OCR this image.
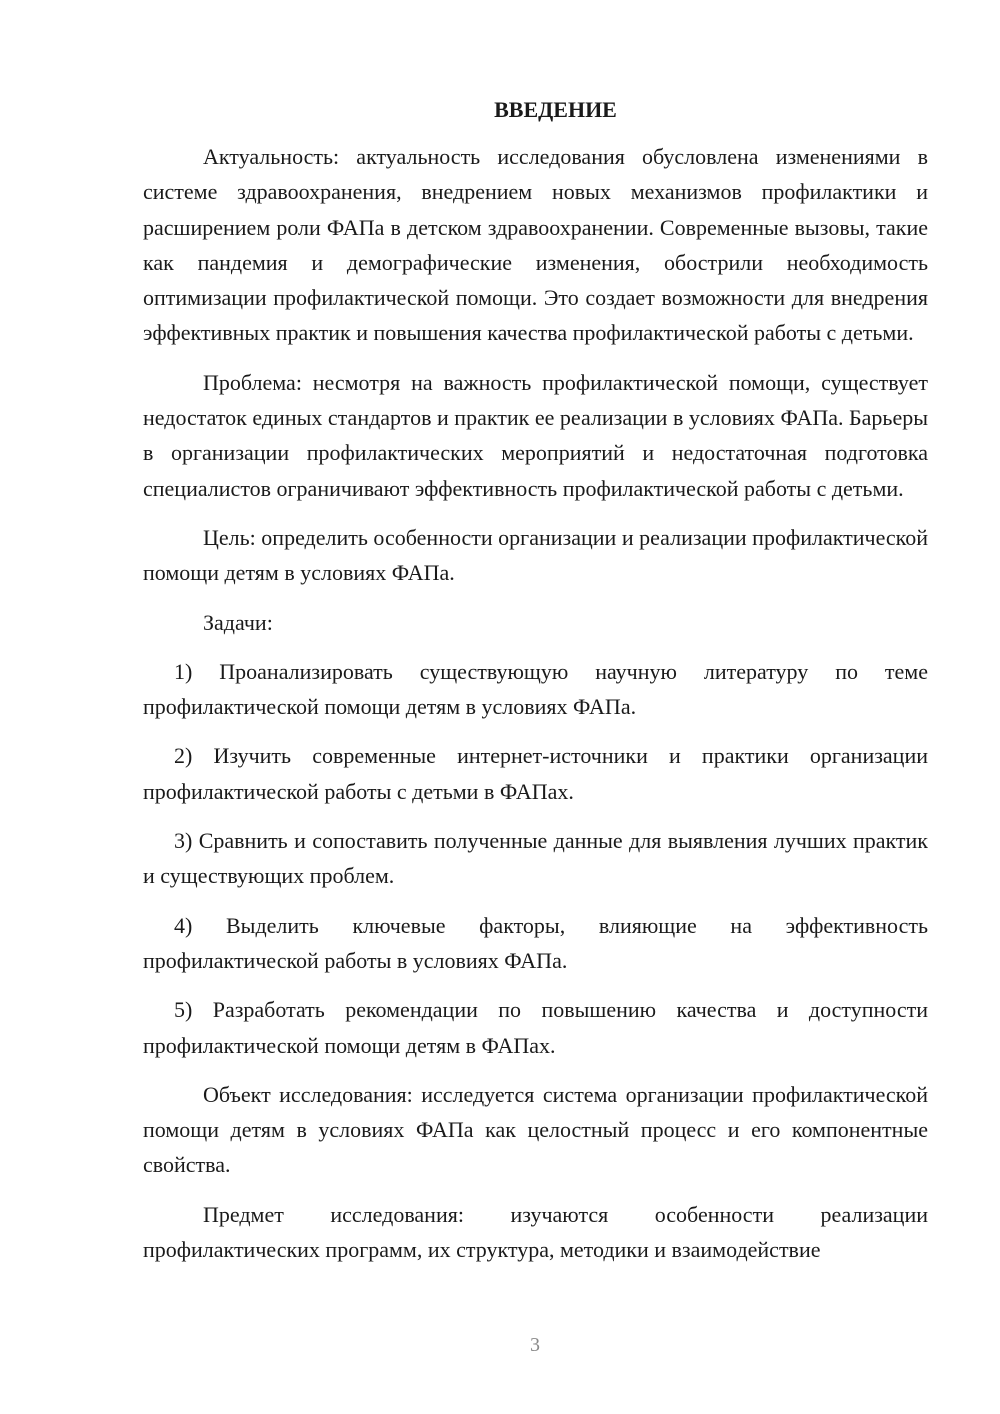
ВВЕДЕНИЕ

Актуальность: актуальность исследования обусловлена изменениями в системе здравоохранения, внедрением новых механизмов профилактики и расширением роли ФАПа в детском здравоохранении. Современные вызовы, такие как пандемия и демографические изменения, обострили необходимость оптимизации профилактической помощи. Это создает возможности для внедрения эффективных практик и повышения качества профилактической работы с детьми.

Проблема: несмотря на важность профилактической помощи, существует недостаток единых стандартов и практик ее реализации в условиях ФАПа. Барьеры в организации профилактических мероприятий и недостаточная подготовка специалистов ограничивают эффективность профилактической работы с детьми.

Цель: определить особенности организации и реализации профилактической помощи детям в условиях ФАПа.

Задачи:

1) Проанализировать существующую научную литературу по теме профилактической помощи детям в условиях ФАПа.

2) Изучить современные интернет-источники и практики организации профилактической работы с детьми в ФАПах.

3) Сравнить и сопоставить полученные данные для выявления лучших практик и существующих проблем.

4) Выделить ключевые факторы, влияющие на эффективность профилактической работы в условиях ФАПа.

5) Разработать рекомендации по повышению качества и доступности профилактической помощи детям в ФАПах.

Объект исследования: исследуется система организации профилактической помощи детям в условиях ФАПа как целостный процесс и его компонентные свойства.

Предмет исследования: изучаются особенности реализации профилактических программ, их структура, методики и взаимодействие

3
